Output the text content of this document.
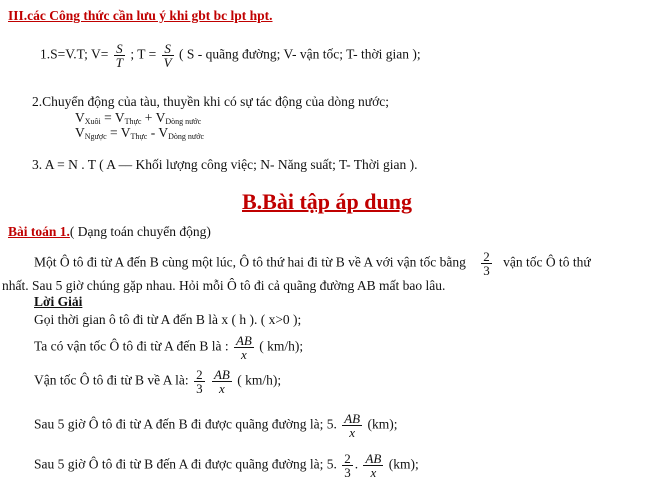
III.các Công thức cần lưu ý khi gbt bc lpt hpt.
1.S=V.T; $V= \frac{S}{T}$ ; $T = \frac{S}{V}$ ( S - quãng đường; V- vận tốc; T- thời gian );
2.Chuyển động của tàu, thuyền khi có sự tác động của dòng nước;
$V_{Xuôi} = V_{Thực} + V_{Dòng nước}$
$V_{Ngược} = V_{Thực} - V_{Dòng nước}$
3. A = N . T ( A –– Khối lượng công việc; N- Năng suất; T- Thời gian ).
B.Bài tập áp dung
Bài toán 1.( Dạng toán chuyển động)
Một Ô tô đi từ A đến B cùng một lúc, Ô tô thứ hai đi từ B về A với vận tốc bằng $\frac{2}{3}$ vận tốc Ô tô thứ
nhất. Sau 5 giờ chúng gặp nhau. Hỏi mỗi Ô tô đi cả quãng đường AB mất bao lâu.
Lời Giải
Gọi thời gian ô tô đi từ A đến B là x ( h ). ( x>0 );
Ta có vận tốc Ô tô đi từ A đến B là : $\frac{AB}{x}$ ( km/h);
Vận tốc Ô tô đi từ B về A là: $\frac{2}{3}$
$\frac{AB}{x}$ ( km/h);
Sau 5 giờ Ô tô đi từ A đến B đi được quãng đường là; 5. $\frac{AB}{x} (km)$;
Sau 5 giờ Ô tô đi từ B đến A đi được quãng đường là; 5. $\frac{2}{3}$ . $\frac{AB}{x} (km)$;
